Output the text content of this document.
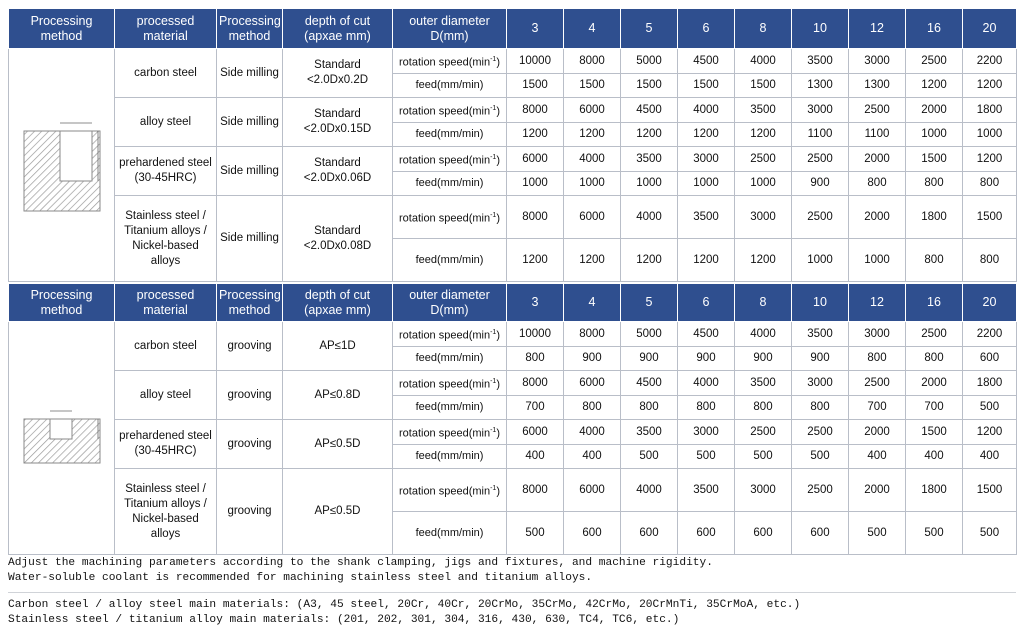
Processing method	processed material	Processing method	depth of cut (apxae mm)	outer diameter D(mm)	3	4	5	6	8	10	12	16	20

	carbon steel	Side milling	Standard <2.0Dx0.2D	rotation $speed(\min^{-1})$	10000	8000	5000	4500	4000	3500	3000	2500	2200
				feed(mm/min)	1500	1500	1500	1500	1500	1300	1300	1200	1200
	alloy steel	Side milling	Standard <2.0Dx0.15D	rotation $speed(\min^{-1})$	8000	6000	4500	4000	3500	3000	2500	2000	1800
				feed(mm/min)	1200	1200	1200	1200	1200	1100	1100	1000	1000
	prehardened steel (30-45HRC)	Side milling	Standard <2.0Dx0.06D	rotation $speed(\min^{-1})$	6000	4000	3500	3000	2500	2500	2000	1500	1200
				feed(mm/min)	1000	1000	1000	1000	1000	900	800	800	800
	Stainless steel / Titanium alloys / Nickel-based alloys	Side milling	Standard <2.0Dx0.08D	rotation $speed(\min^{-1})$	8000	6000	4000	3500	3000	2500	2000	1800	1500
				feed(mm/min)	1200	1200	1200	1200	1200	1000	1000	800	800
Processing method	processed material	Processing method	depth of cut (apxae mm)	outer diameter D(mm)	3	4	5	6	8	10	12	16	20

	carbon steel	grooving	AP≤1D	rotation $speed(\min^{-1})$	10000	8000	5000	4500	4000	3500	3000	2500	2200
				feed(mm/min)	800	900	900	900	900	900	800	800	600
	alloy steel	grooving	AP≤0.8D	rotation $speed(\min^{-1})$	8000	6000	4500	4000	3500	3000	2500	2000	1800
				feed(mm/min)	700	800	800	800	800	800	700	700	500
	prehardened steel (30-45HRC)	grooving	AP≤0.5D	rotation $speed(\min^{-1})$	6000	4000	3500	3000	2500	2500	2000	1500	1200
				feed(mm/min)	400	400	500	500	500	500	400	400	400
	Stainless steel / Titanium alloys / Nickel-based alloys	grooving	AP≤0.5D	rotation $speed(\min^{-1})$	8000	6000	4000	3500	3000	2500	2000	1800	1500
				feed(mm/min)	500	600	600	600	600	600	500	500	500
Adjust the machining parameters according to the shank clamping, jigs and fixtures, and machine rigidity.
Water-soluble coolant is recommended for machining stainless steel and titanium alloys.
Carbon steel / alloy steel main materials: (A3, 45 steel, 20Cr, 40Cr, 20CrMo, 35CrMo, 42CrMo, 20CrMnTi, 35CrMoA, etc.)
Stainless steel / titanium alloy main materials: (201, 202, 301, 304, 316, 430, 630, TC4, TC6, etc.)
